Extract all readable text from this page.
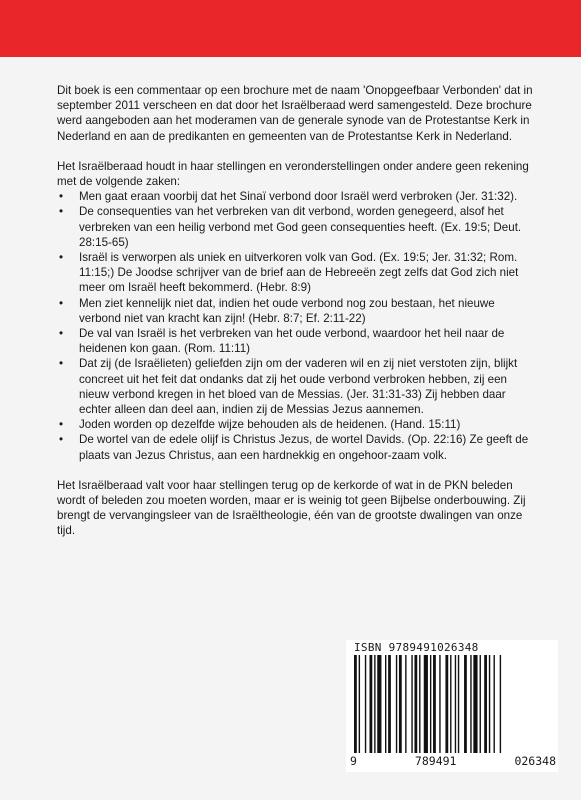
Dit boek is een commentaar op een brochure met de naam 'Onopgeefbaar Verbonden' dat in september 2011 verscheen en dat door het Israëlberaad werd samengesteld. Deze brochure werd aangeboden aan het moderamen van de generale synode van de Protestantse Kerk in Nederland en aan de predikanten en gemeenten van de Protestantse Kerk in Nederland.

Het Israëlberaad houdt in haar stellingen en veronderstellingen onder andere geen rekening met de volgende zaken:

• Men gaat eraan voorbij dat het Sinaï verbond door Israël werd verbroken (Jer. 31:32).
• De consequenties van het verbreken van dit verbond, worden genegeerd, alsof het verbreken van een heilig verbond met God geen consequenties heeft. (Ex. 19:5; Deut. 28:15-65)
• Israël is verworpen als uniek en uitverkoren volk van God. (Ex. 19:5; Jer. 31:32; Rom. 11:15;) De Joodse schrijver van de brief aan de Hebreeën zegt zelfs dat God zich niet meer om Israël heeft bekommerd. (Hebr. 8:9)
• Men ziet kennelijk niet dat, indien het oude verbond nog zou bestaan, het nieuwe verbond niet van kracht kan zijn! (Hebr. 8:7; Ef. 2:11-22)
• De val van Israël is het verbreken van het oude verbond, waardoor het heil naar de heidenen kon gaan. (Rom. 11:11)
• Dat zij (de Israëlieten) geliefden zijn om der vaderen wil en zij niet verstoten zijn, blijkt concreet uit het feit dat ondanks dat zij het oude verbond verbroken hebben, zij een nieuw verbond kregen in het bloed van de Messias. (Jer. 31:31-33) Zij hebben daar echter alleen dan deel aan, indien zij de Messias Jezus aannemen.
• Joden worden op dezelfde wijze behouden als de heidenen. (Hand. 15:11)
• De wortel van de edele olijf is Christus Jezus, de wortel Davids. (Op. 22:16) Ze geeft de plaats van Jezus Christus, aan een hardnekkig en ongehoor-zaam volk.

Het Israëlberaad valt voor haar stellingen terug op de kerkorde of wat in de PKN beleden wordt of beleden zou moeten worden, maar er is weinig tot geen Bijbelse onderbouwing. Zij brengt de vervangingsleer van de Israëltheologie, één van de grootste dwalingen van onze tijd.

ISBN 9789491026348
9	789491	026348
